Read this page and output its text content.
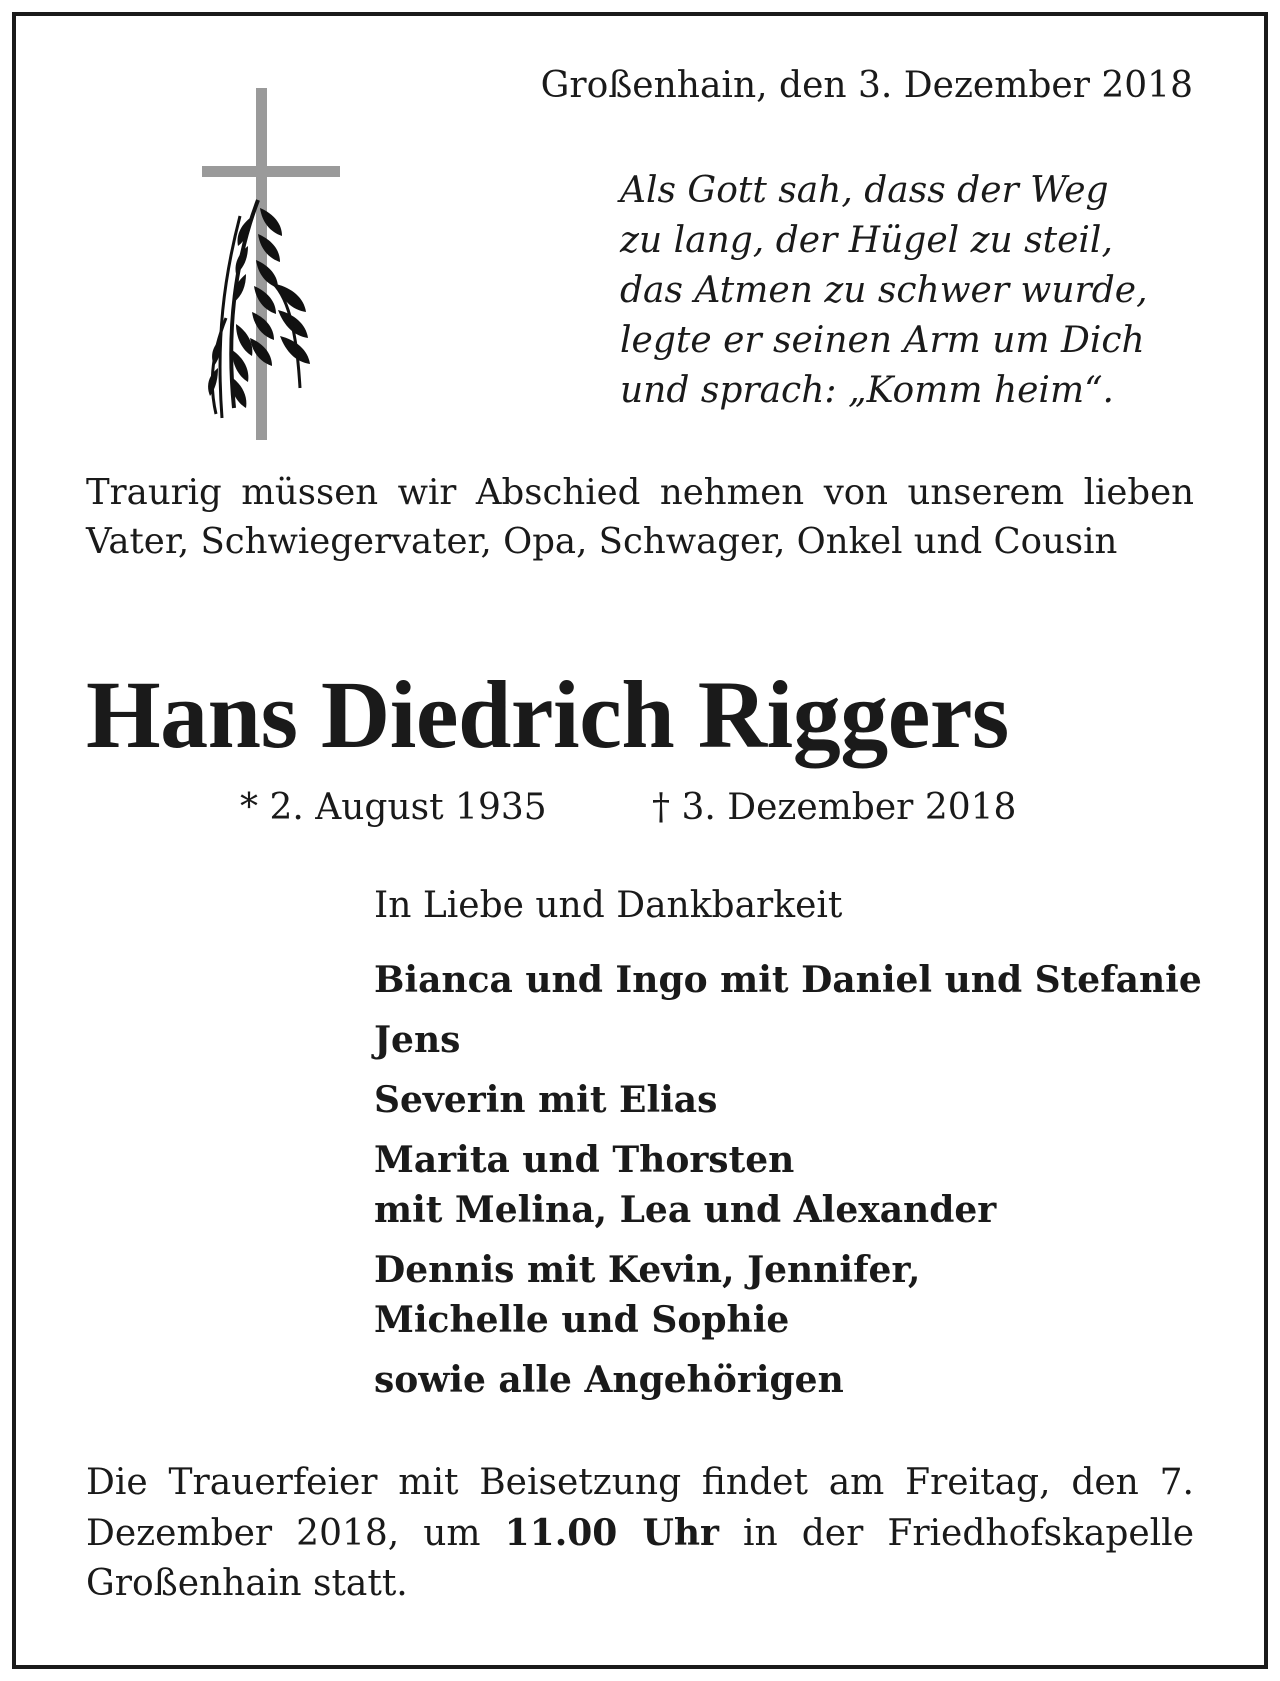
Großenhain, den 3. Dezember 2018
Als Gott sah, dass der Weg
zu lang, der Hügel zu steil,
das Atmen zu schwer wurde,
legte er seinen Arm um Dich
und sprach: „Komm heim“.
Traurig müssen wir Abschied nehmen von unserem lieben Vater, Schwiegervater, Opa, Schwager, Onkel und Cousin
Hans Diedrich Riggers
* 2. August 1935	† 3. Dezember 2018
In Liebe und Dankbarkeit
Bianca und Ingo mit Daniel und Stefanie
Jens
Severin mit Elias
Marita und Thorsten
mit Melina, Lea und Alexander
Dennis mit Kevin, Jennifer,
Michelle und Sophie
sowie alle Angehörigen
Die Trauerfeier mit Beisetzung findet am Freitag, den 7. Dezember 2018, um 11.00 Uhr in der Friedhofskapelle Großenhain statt.
